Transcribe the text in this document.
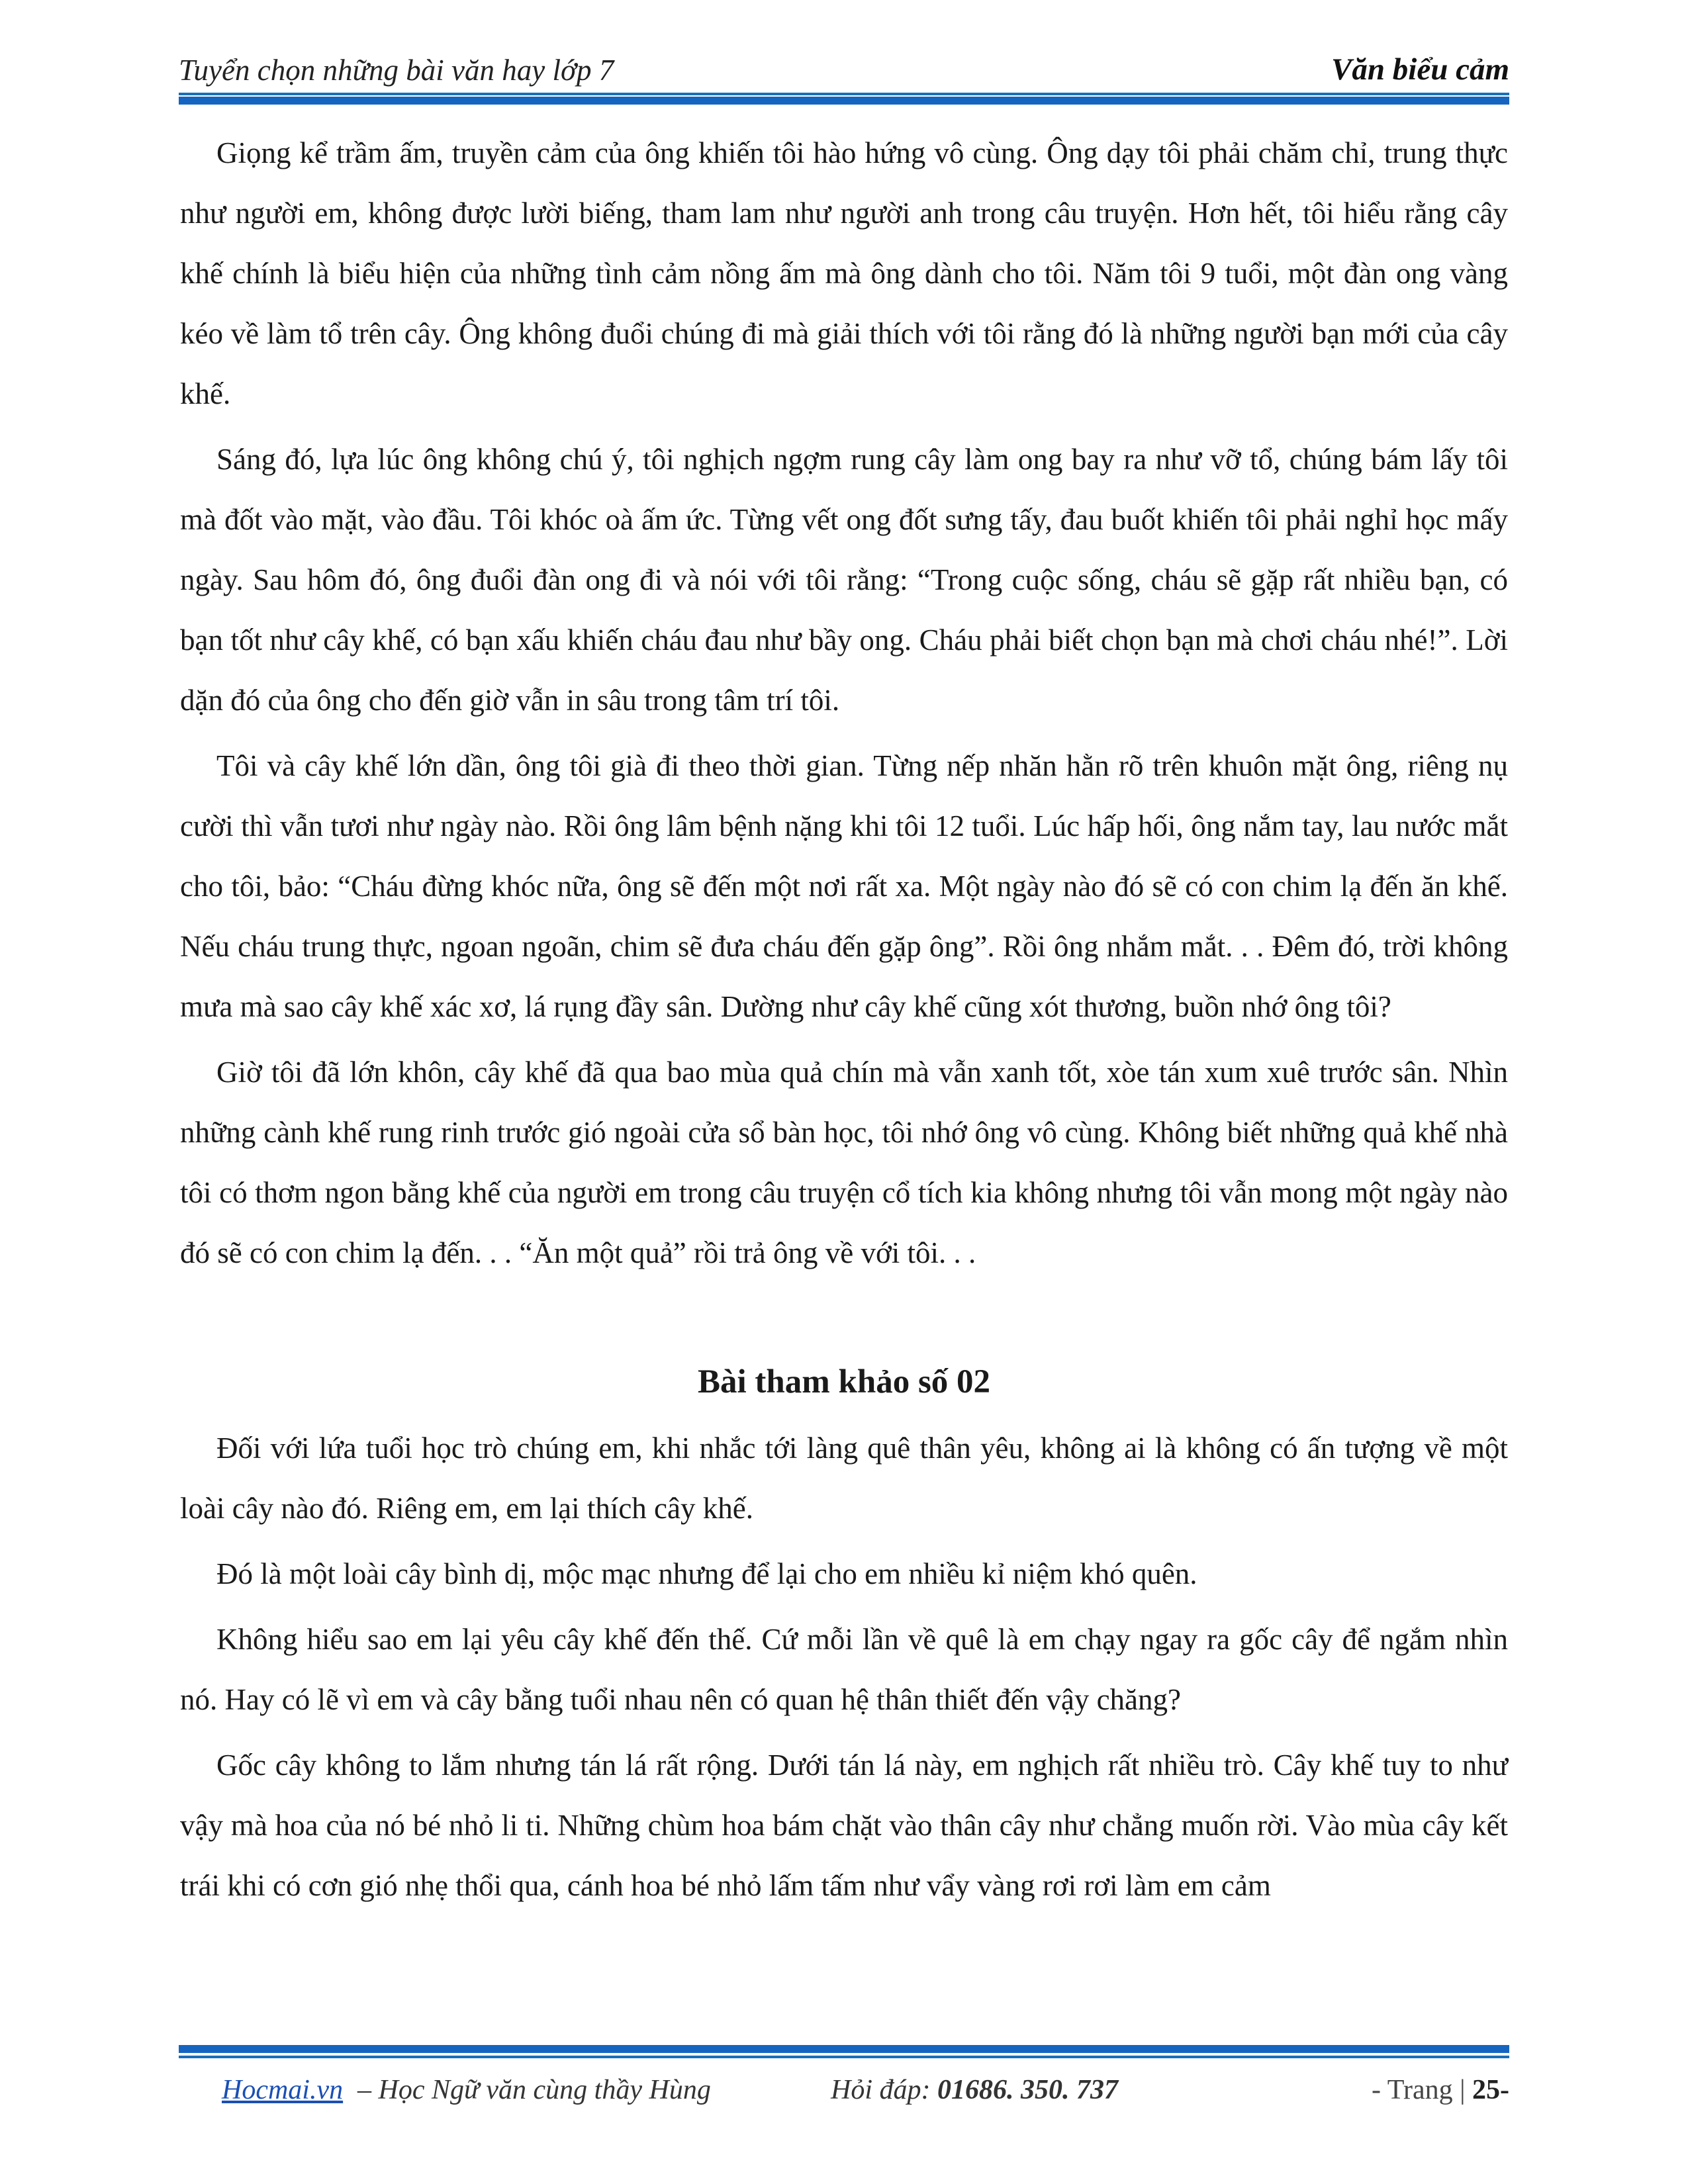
Tuyển chọn những bài văn hay lớp 7	Văn biểu cảm

Giọng kể trầm ấm, truyền cảm của ông khiến tôi hào hứng vô cùng. Ông dạy tôi phải chăm chỉ, trung thực như người em, không được lười biếng, tham lam như người anh trong câu truyện. Hơn hết, tôi hiểu rằng cây khế chính là biểu hiện của những tình cảm nồng ấm mà ông dành cho tôi. Năm tôi 9 tuổi, một đàn ong vàng kéo về làm tổ trên cây. Ông không đuổi chúng đi mà giải thích với tôi rằng đó là những người bạn mới của cây khế.

Sáng đó, lựa lúc ông không chú ý, tôi nghịch ngợm rung cây làm ong bay ra như vỡ tổ, chúng bám lấy tôi mà đốt vào mặt, vào đầu. Tôi khóc oà ấm ức. Từng vết ong đốt sưng tấy, đau buốt khiến tôi phải nghỉ học mấy ngày. Sau hôm đó, ông đuổi đàn ong đi và nói với tôi rằng: “Trong cuộc sống, cháu sẽ gặp rất nhiều bạn, có bạn tốt như cây khế, có bạn xấu khiến cháu đau như bầy ong. Cháu phải biết chọn bạn mà chơi cháu nhé!”. Lời dặn đó của ông cho đến giờ vẫn in sâu trong tâm trí tôi.

Tôi và cây khế lớn dần, ông tôi già đi theo thời gian. Từng nếp nhăn hằn rõ trên khuôn mặt ông, riêng nụ cười thì vẫn tươi như ngày nào. Rồi ông lâm bệnh nặng khi tôi 12 tuổi. Lúc hấp hối, ông nắm tay, lau nước mắt cho tôi, bảo: “Cháu đừng khóc nữa, ông sẽ đến một nơi rất xa. Một ngày nào đó sẽ có con chim lạ đến ăn khế. Nếu cháu trung thực, ngoan ngoãn, chim sẽ đưa cháu đến gặp ông”. Rồi ông nhắm mắt. . . Đêm đó, trời không mưa mà sao cây khế xác xơ, lá rụng đầy sân. Dường như cây khế cũng xót thương, buồn nhớ ông tôi?

Giờ tôi đã lớn khôn, cây khế đã qua bao mùa quả chín mà vẫn xanh tốt, xòe tán xum xuê trước sân. Nhìn những cành khế rung rinh trước gió ngoài cửa sổ bàn học, tôi nhớ ông vô cùng. Không biết những quả khế nhà tôi có thơm ngon bằng khế của người em trong câu truyện cổ tích kia không nhưng tôi vẫn mong một ngày nào đó sẽ có con chim lạ đến. . . “Ăn một quả” rồi trả ông về với tôi. . .

Bài tham khảo số 02

Đối với lứa tuổi học trò chúng em, khi nhắc tới làng quê thân yêu, không ai là không có ấn tượng về một loài cây nào đó. Riêng em, em lại thích cây khế.

Đó là một loài cây bình dị, mộc mạc nhưng để lại cho em nhiều kỉ niệm khó quên.

Không hiểu sao em lại yêu cây khế đến thế. Cứ mỗi lần về quê là em chạy ngay ra gốc cây để ngắm nhìn nó. Hay có lẽ vì em và cây bằng tuổi nhau nên có quan hệ thân thiết đến vậy chăng?

Gốc cây không to lắm nhưng tán lá rất rộng. Dưới tán lá này, em nghịch rất nhiều trò. Cây khế tuy to như vậy mà hoa của nó bé nhỏ li ti. Những chùm hoa bám chặt vào thân cây như chẳng muốn rời. Vào mùa cây kết trái khi có cơn gió nhẹ thổi qua, cánh hoa bé nhỏ lấm tấm như vẩy vàng rơi rơi làm em cảm

Hocmai.vn – Học Ngữ văn cùng thầy Hùng	Hỏi đáp: 01686. 350. 737	- Trang | 25-
